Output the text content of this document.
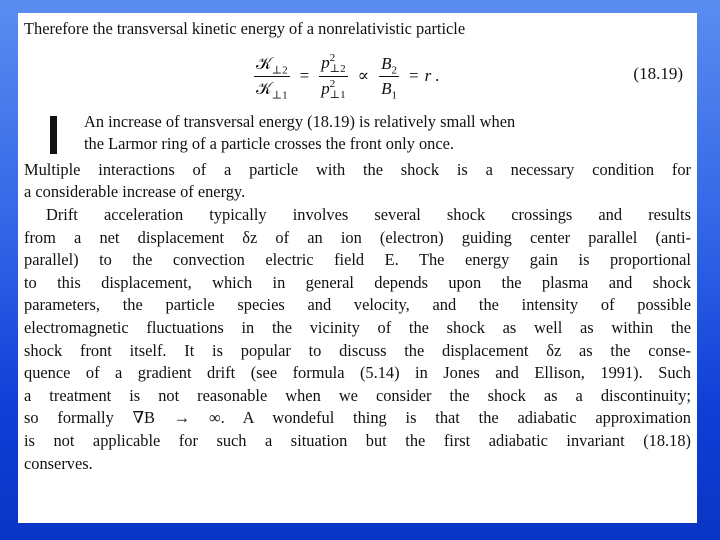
Therefore the transversal kinetic energy of a nonrelativistic particle
$\frac{𝒦_{\perp 2}}{𝒦_{\perp 1}} = p$ 2
⊥2
p 2
⊥1 ∝ $\frac{B_2}{B_1} = r$ .	(18.19)
An increase of transversal energy (18.19) is relatively small when
the Larmor ring of a particle crosses the front only once.
Multiple interactions of a particle with the shock is a necessary condition for
a considerable increase of energy.
Drift acceleration typically involves several shock crossings and results
from a net displacement δz of an ion (electron) guiding center parallel (anti-
parallel) to the convection electric field E. The energy gain is proportional
to this displacement, which in general depends upon the plasma and shock
parameters, the particle species and velocity, and the intensity of possible
electromagnetic fluctuations in the vicinity of the shock as well as within the
shock front itself. It is popular to discuss the displacement δz as the conse-
quence of a gradient drift (see formula (5.14) in Jones and Ellison, 1991). Such
a treatment is not reasonable when we consider the shock as a discontinuity;
so formally ∇B → ∞. A wondeful thing is that the adiabatic approximation
is not applicable for such a situation but the first adiabatic invariant (18.18)
conserves.
